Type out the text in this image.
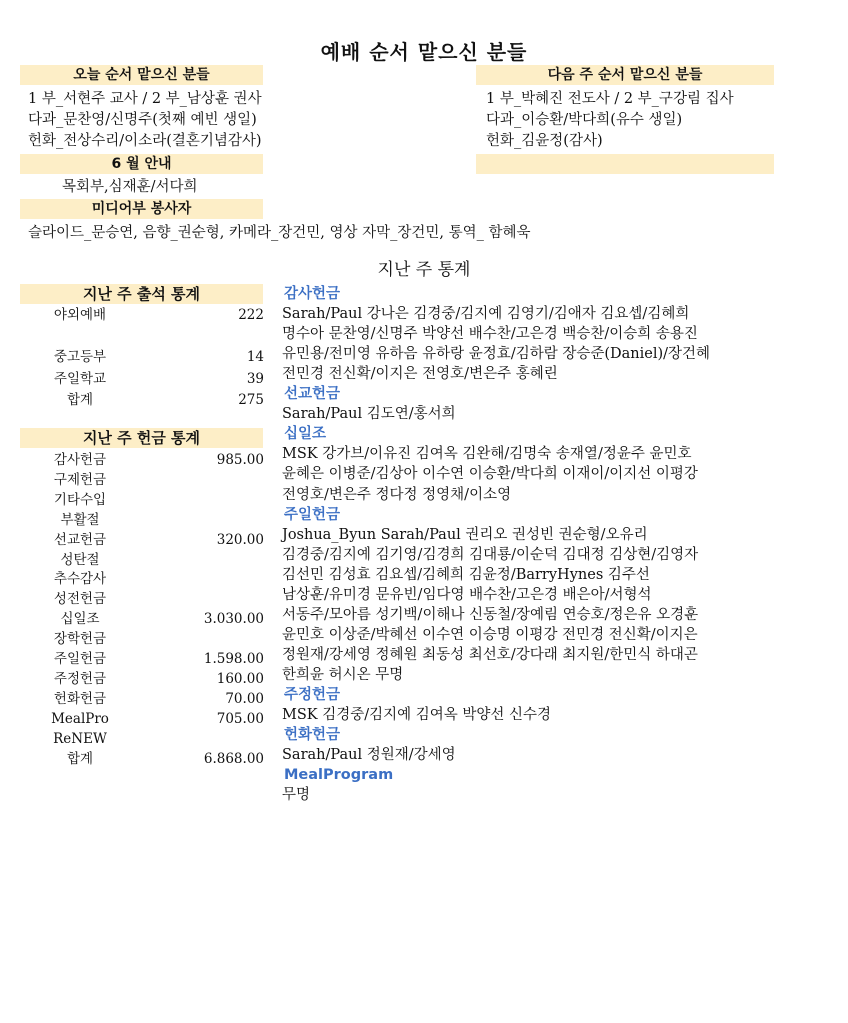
예배 순서 맡으신 분들
오늘 순서 맡으신 분들
1 부_서현주 교사 / 2 부_남상훈 권사
다과_문찬영/신명주(첫째 예빈 생일)
헌화_전상수리/이소라(결혼기념감사)
다음 주 순서 맡으신 분들
1 부_박혜진 전도사 / 2 부_구강림 집사
다과_이승환/박다희(유수 생일)
헌화_김윤정(감사)
6 월 안내
목회부,심재훈/서다희
미디어부 봉사자
슬라이드_문승연, 음향_권순형, 카메라_장건민, 영상 자막_장건민, 통역_ 함혜욱
지난 주 통계
지난 주 출석 통계
야외예배	222
중고등부	14
주일학교	39
합계	275
지난 주 헌금 통계
감사헌금	985.00
구제헌금
기타수입
부활절
선교헌금	320.00
성탄절
추수감사
성전헌금
십일조	3.030.00
장학헌금
주일헌금	1.598.00
주정헌금	160.00
헌화헌금	70.00
MealPro	705.00
ReNEW
합계	6.868.00
감사헌금
Sarah/Paul 강나은 김경중/김지예 김영기/김애자 김요셉/김혜희
명수아 문찬영/신명주 박양선 배수찬/고은경 백승찬/이승희 송용진
유민용/전미영 유하음 유하랑 윤정효/김하람 장승준(Daniel)/장건혜
전민경 전신확/이지은 전영호/변은주 홍혜린
선교헌금
Sarah/Paul 김도연/홍서희
십일조
MSK 강가브/이유진 김여옥 김완해/김명숙 송재열/정윤주 윤민호
윤혜은 이병준/김상아 이수연 이승환/박다희 이재이/이지선 이평강
전영호/변은주 정다정 정영채/이소영
주일헌금
Joshua_Byun Sarah/Paul 권리오 권성빈 권순형/오유리
김경중/김지예 김기영/김경희 김대룡/이순덕 김대정 김상현/김영자
김선민 김성효 김요셉/김혜희 김윤정/BarryHynes 김주선
남상훈/유미경 문유빈/임다영 배수찬/고은경 배은아/서형석
서동주/모아름 성기백/이해나 신동철/장예림 연승호/정은유 오경훈
윤민호 이상준/박혜선 이수연 이승명 이평강 전민경 전신확/이지은
정원재/강세영 정혜원 최동성 최선호/강다래 최지원/한민식 하대곤
한희윤 허시온 무명
주정헌금
MSK 김경중/김지예 김여옥 박양선 신수경
헌화헌금
Sarah/Paul 정원재/강세영
MealProgram
무명
